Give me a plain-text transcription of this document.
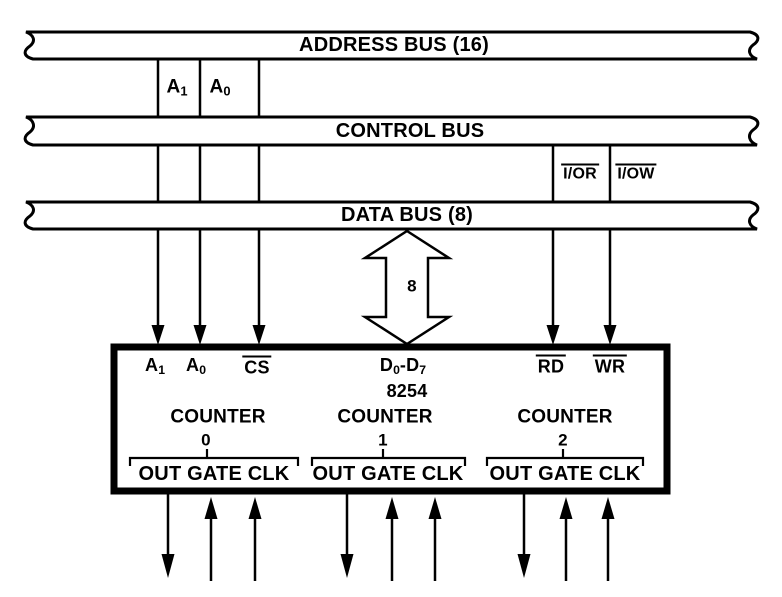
ADDRESS BUS (16)
CONTROL BUS
DATA BUS (8)
A1 A0
I/OR I/OW
8
A1 A0 CS	D0-D7	RD WR
8254
COUNTER
0
OUT GATE CLK
COUNTER
1
OUT GATE CLK
COUNTER
2
OUT GATE CLK
